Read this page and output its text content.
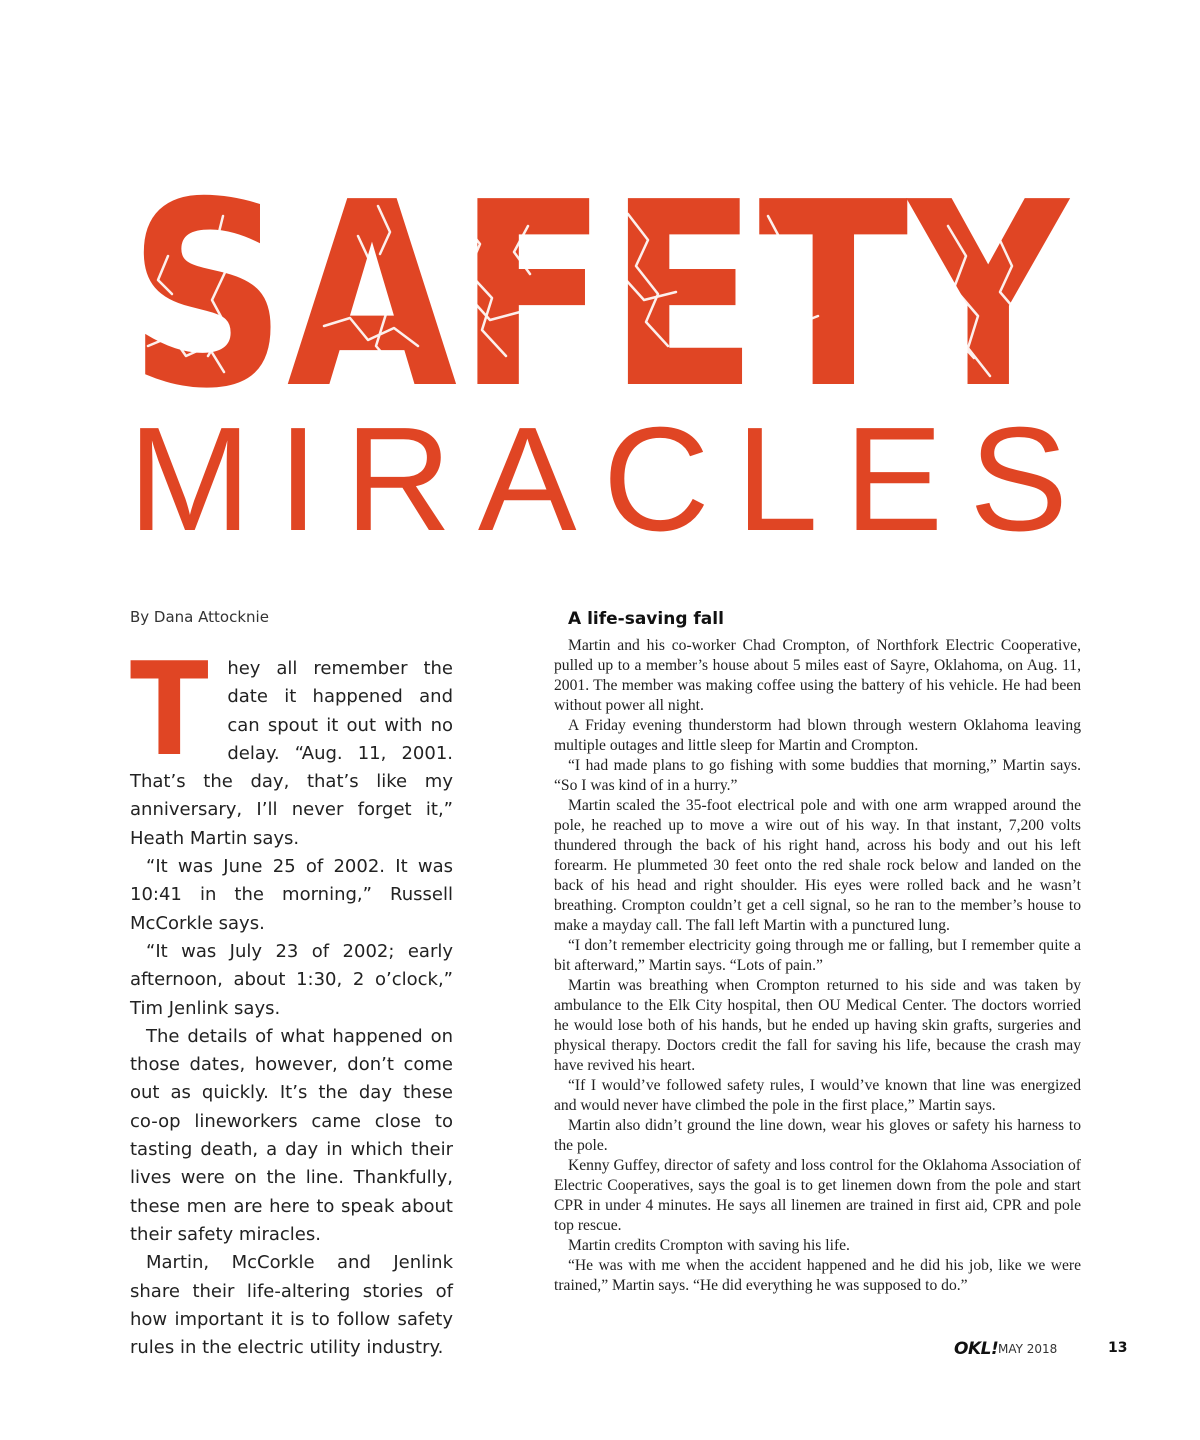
SAFETY
MIRACLES
By Dana Attocknie

T hey all remember the date it happened and can spout it out with no delay. “Aug. 11, 2001. That’s the day, that’s like my anniversary, I’ll never forget it,” Heath Martin says.

“It was June 25 of 2002. It was 10:41 in the morning,” Russell McCorkle says.

“It was July 23 of 2002; early afternoon, about 1:30, 2 o’clock,” Tim Jenlink says.

The details of what happened on those dates, however, don’t come out as quickly. It’s the day these co-op lineworkers came close to tasting death, a day in which their lives were on the line. Thankfully, these men are here to speak about their safety miracles.

Martin, McCorkle and Jenlink share their life-altering stories of how important it is to follow safety rules in the electric utility industry.

A life-saving fall

Martin and his co-worker Chad Crompton, of Northfork Electric Cooperative, pulled up to a member’s house about 5 miles east of Sayre, Oklahoma, on Aug. 11, 2001. The member was making coffee using the battery of his vehicle. He had been without power all night.

A Friday evening thunderstorm had blown through western Oklahoma leaving multiple outages and little sleep for Martin and Crompton.

“I had made plans to go fishing with some buddies that morning,” Martin says. “So I was kind of in a hurry.”

Martin scaled the 35-foot electrical pole and with one arm wrapped around the pole, he reached up to move a wire out of his way. In that instant, 7,200 volts thundered through the back of his right hand, across his body and out his left forearm. He plummeted 30 feet onto the red shale rock below and landed on the back of his head and right shoulder. His eyes were rolled back and he wasn’t breathing. Crompton couldn’t get a cell signal, so he ran to the member’s house to make a mayday call. The fall left Martin with a punctured lung.

“I don’t remember electricity going through me or falling, but I remember quite a bit afterward,” Martin says. “Lots of pain.”

Martin was breathing when Crompton returned to his side and was taken by ambulance to the Elk City hospital, then OU Medical Center. The doctors worried he would lose both of his hands, but he ended up having skin grafts, surgeries and physical therapy. Doctors credit the fall for saving his life, because the crash may have revived his heart.

“If I would’ve followed safety rules, I would’ve known that line was energized and would never have climbed the pole in the first place,” Martin says.

Martin also didn’t ground the line down, wear his gloves or safety his harness to the pole.

Kenny Guffey, director of safety and loss control for the Oklahoma Association of Electric Cooperatives, says the goal is to get linemen down from the pole and start CPR in under 4 minutes. He says all linemen are trained in first aid, CPR and pole top rescue.

Martin credits Crompton with saving his life.

“He was with me when the accident happened and he did his job, like we were trained,” Martin says. “He did everything he was supposed to do.”

OKL! MAY 2018	13
